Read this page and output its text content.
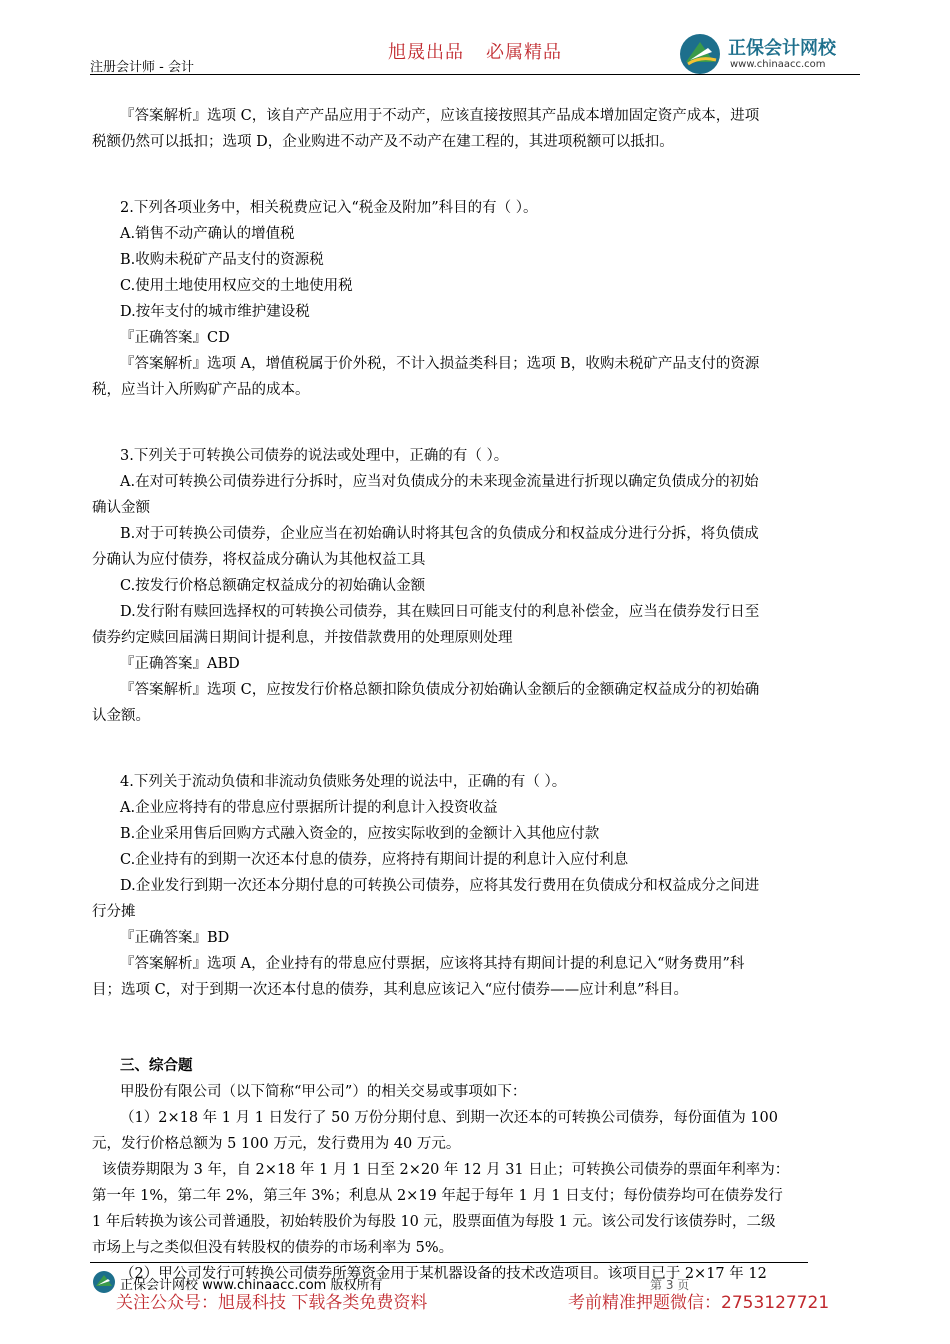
注册会计师 - 会计
旭晟出品 必属精品	正保会计网校
www.chinaacc.com
『答案解析』选项 C，该自产产品应用于不动产，应该直接按照其产品成本增加固定资产成本，进项
税额仍然可以抵扣；选项 D，企业购进不动产及不动产在建工程的，其进项税额可以抵扣。
2.下列各项业务中，相关税费应记入“税金及附加”科目的有（ ）。
A.销售不动产确认的增值税
B.收购未税矿产品支付的资源税
C.使用土地使用权应交的土地使用税
D.按年支付的城市维护建设税
『正确答案』CD
『答案解析』选项 A，增值税属于价外税，不计入损益类科目；选项 B，收购未税矿产品支付的资源
税，应当计入所购矿产品的成本。
3.下列关于可转换公司债券的说法或处理中，正确的有（ ）。
A.在对可转换公司债券进行分拆时，应当对负债成分的未来现金流量进行折现以确定负债成分的初始
确认金额
B.对于可转换公司债券，企业应当在初始确认时将其包含的负债成分和权益成分进行分拆，将负债成
分确认为应付债券，将权益成分确认为其他权益工具
C.按发行价格总额确定权益成分的初始确认金额
D.发行附有赎回选择权的可转换公司债券，其在赎回日可能支付的利息补偿金，应当在债券发行日至
债券约定赎回届满日期间计提利息，并按借款费用的处理原则处理
『正确答案』ABD
『答案解析』选项 C，应按发行价格总额扣除负债成分初始确认金额后的金额确定权益成分的初始确
认金额。
4.下列关于流动负债和非流动负债账务处理的说法中，正确的有（ ）。
A.企业应将持有的带息应付票据所计提的利息计入投资收益
B.企业采用售后回购方式融入资金的，应按实际收到的金额计入其他应付款
C.企业持有的到期一次还本付息的债券，应将持有期间计提的利息计入应付利息
D.企业发行到期一次还本分期付息的可转换公司债券，应将其发行费用在负债成分和权益成分之间进
行分摊
『正确答案』BD
『答案解析』选项 A，企业持有的带息应付票据，应该将其持有期间计提的利息记入“财务费用”科
目；选项 C，对于到期一次还本付息的债券，其利息应该记入“应付债券——应计利息”科目。
三、综合题
甲股份有限公司（以下简称“甲公司”）的相关交易或事项如下：
（1）2×18 年 1 月 1 日发行了 50 万份分期付息、到期一次还本的可转换公司债券，每份面值为 100
元，发行价格总额为 5 100 万元，发行费用为 40 万元。
该债券期限为 3 年，自 2×18 年 1 月 1 日至 2×20 年 12 月 31 日止；可转换公司债券的票面年利率为：
第一年 1%，第二年 2%，第三年 3%；利息从 2×19 年起于每年 1 月 1 日支付；每份债券均可在债券发行
1 年后转换为该公司普通股，初始转股价为每股 10 元，股票面值为每股 1 元。该公司发行该债券时，二级
市场上与之类似但没有转股权的债券的市场利率为 5%。
（2）甲公司发行可转换公司债券所筹资金用于某机器设备的技术改造项目。该项目已于 2×17 年 12
正保会计网校 www.chinaacc.com 版权所有	第 3 页
关注公众号：旭晟科技 下载各类免费资料	考前精准押题微信：2753127721
